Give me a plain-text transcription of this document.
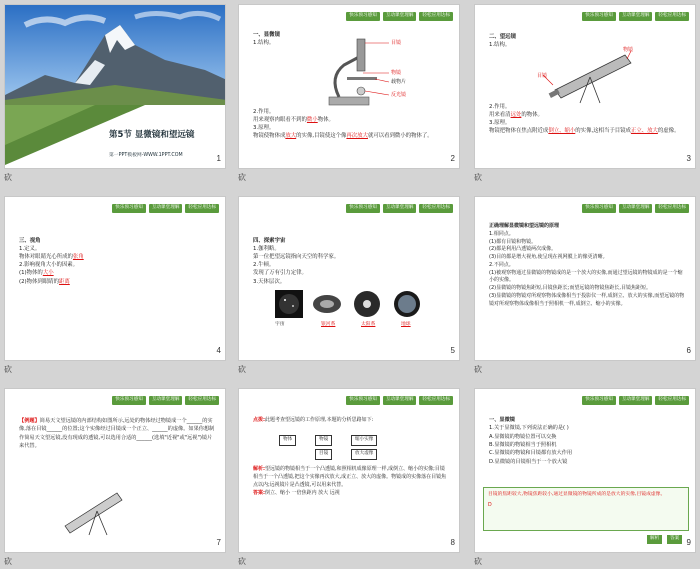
第5节 显微镜和望远镜
第一PPT模板网-WWW.1PPT.COM	1
快乐预习感知	互动课堂理解	轻松应用达标

一、显微镜

1.结构。	目镜
物镜
载物片
反光镜

2.作用。

用来观察肉眼看不到的微小物体。

3.原理。

物镜使物体成放大的实像,目镜使这个像再次放大就可以看到微小的物体了。

2
快乐预习感知	互动课堂理解	轻松应用达标

二、望远镜

1.结构。

目镜
物镜

2.作用。

用来看清远处的物体。

3.原理。

物镜把物体在焦点附近成倒立、缩小的实像,这相当于目镜成正立、放大的虚像。

3
砍	砍	砍
快乐预习感知	互动课堂理解	轻松应用达标

三、视角

1.定义。

物体对眼睛光心所成的张角

2.影响视角大小的因素。

(1)物体的大小

(2)物体到眼睛的距离

4
快乐预习感知	互动课堂理解	轻松应用达标

四、探索宇宙

1.伽利略。

第一位把望远镜指向天空的科学家。

2.牛顿。

发现了万有引力定律。

3.天体层次。

宇宙	银河系	太阳系	地球
5
快乐预习感知	互动课堂理解	轻松应用达标

正确理解显微镜和望远镜的原理

1.相同点。

(1)都有目镜和物镜。

(2)都是利用凸透镜两次成像。

(3)目的都是增大视角,使呈现在视网膜上的像更清晰。

2.不同点。

(1)被观察物通过显微镜的物镜成的是一个放大的实像,而通过望远镜的物镜成的是一个缩小的实像。

(2)显微镜的物镜焦距短,目镜焦距长;而望远镜的物镜焦距长,目镜焦距短。

(3)显微镜的物镜对所观察物体成像相当于投影仪一样,成倒立、放大的实像,而望远镜的物镜对所观察物体成像相当于照相机一样,成倒立、缩小的实像。

6
砍	砍	砍
快乐预习感知	互动课堂理解	轻松应用达标

【例题】简易天文望远镜的内部结构如图所示,远处的物体经过物镜成一个______的实像,落在目镜______的位置;这个实像经过目镜成一个正立、______的虚像。如果你想制作简易天文望远镜,没有现成的透镜,可以选用合适的______(选填"近视"或"远视")镜片来代替。

7
快乐预习感知	互动课堂理解	轻松应用达标

点拨:此题考查望远镜的工作原理,本题的分析思路如下:

物体	物镜	缩小实像
目镜	放大虚像

解析:望远镜的物镜相当于一个凸透镜,和照相机成像原理一样,成倒立、缩小的实像;目镜相当于一个凸透镜,把这个实像再次放大,成正立、放大的虚像。物镜成的实像落在目镜焦点以内;远视镜片是凸透镜,可以用来代替。

答案:倒立、缩小 一倍焦距内 放大 远视

8
快乐预习感知	互动课堂理解	轻松应用达标

一、显微镜

1.关于显微镜,下列说法正确的是( )

A.显微镜的物镜位置可以交换

B.显微镜的物镜相当于照相机

C.显微镜的物镜和目镜都有放大作用

D.显微镜的目镜相当于一个放大镜

目镜的焦距较大,物镜焦距较小,通过显微镜的物镜所成的是放大的实像,目镜成虚像。

D

解析	答案 9
砍	砍	砍
